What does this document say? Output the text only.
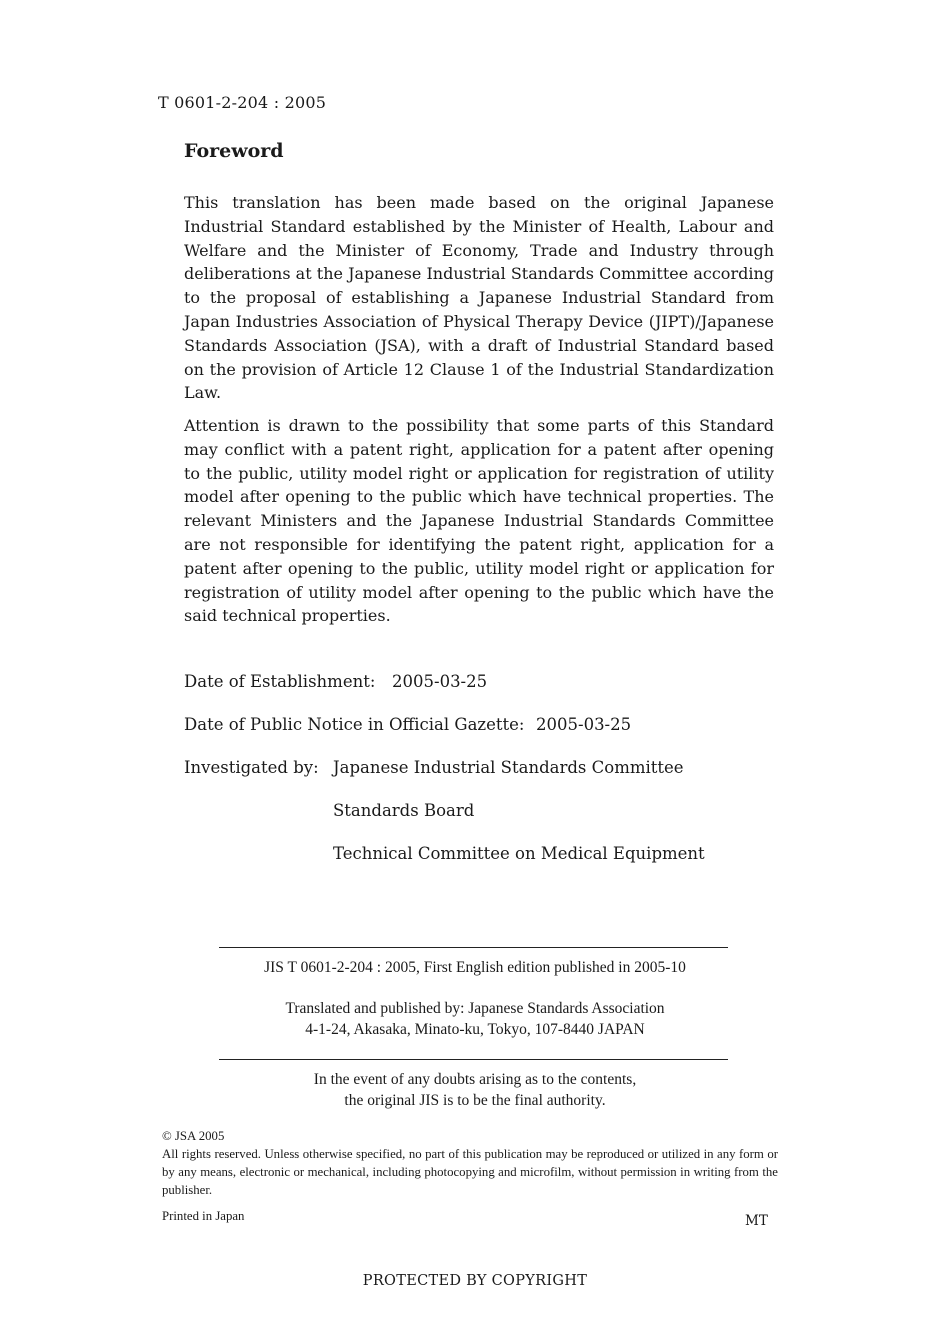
T 0601-2-204 : 2005
Foreword

This translation has been made based on the original Japanese Industrial Standard established by the Minister of Health, Labour and Welfare and the Minister of Economy, Trade and Industry through deliberations at the Japanese Industrial Standards Committee according to the proposal of establishing a Japanese Industrial Standard from Japan Industries Association of Physical Therapy Device (JIPT)/Japanese Standards Association (JSA), with a draft of Industrial Standard based on the provision of Article 12 Clause 1 of the Industrial Standardization Law.

Attention is drawn to the possibility that some parts of this Standard may conflict with a patent right, application for a patent after opening to the public, utility model right or application for registration of utility model after opening to the public which have technical properties. The relevant Ministers and the Japanese Industrial Standards Committee are not responsible for identifying the patent right, application for a patent after opening to the public, utility model right or application for registration of utility model after opening to the public which have the said technical properties.

Date of Establishment: 2005-03-25
Date of Public Notice in Official Gazette: 2005-03-25
Investigated by: Japanese Industrial Standards Committee
Standards Board
Technical Committee on Medical Equipment
JIS T 0601-2-204 : 2005, First English edition published in 2005-10
Translated and published by: Japanese Standards Association
4-1-24, Akasaka, Minato-ku, Tokyo, 107-8440 JAPAN
In the event of any doubts arising as to the contents,
the original JIS is to be the final authority.
© JSA 2005
All rights reserved. Unless otherwise specified, no part of this publication may be reproduced or utilized in any form or by any means, electronic or mechanical, including photocopying and microfilm, without permission in writing from the publisher.
Printed in Japan	MT
PROTECTED BY COPYRIGHT
